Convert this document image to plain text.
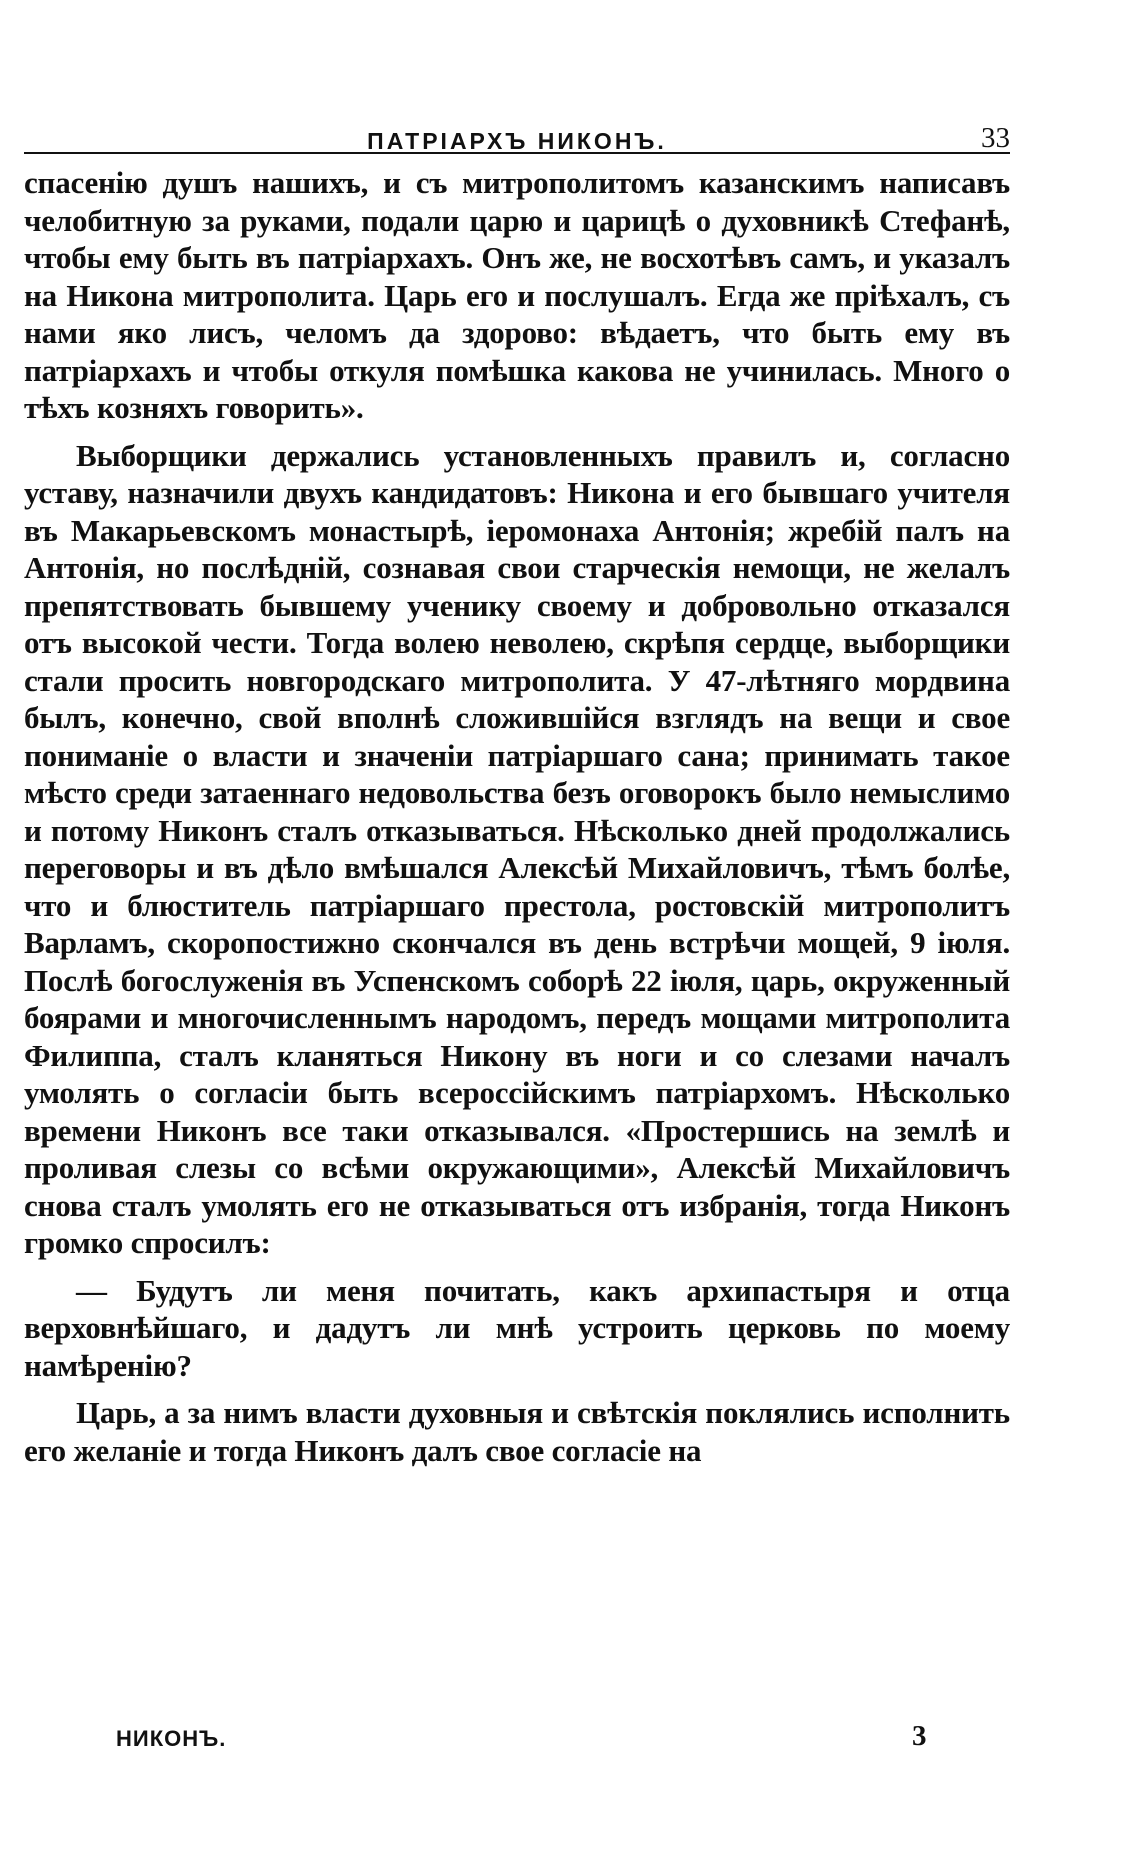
ПАТРІАРХЪ НИКОНЪ.	33

спасенію душъ нашихъ, и съ митрополитомъ казанскимъ написавъ челобитную за руками, подали царю и царицѣ о духовникѣ Стефанѣ, чтобы ему быть въ патріархахъ. Онъ же, не восхотѣвъ самъ, и указалъ на Никона митрополита. Царь его и послушалъ. Егда же пріѣхалъ, съ нами яко лисъ, челомъ да здорово: вѣдаетъ, что быть ему въ патріархахъ и чтобы откуля помѣшка какова не учинилась. Много о тѣхъ козняхъ говорить».

Выборщики держались установленныхъ правилъ и, согласно уставу, назначили двухъ кандидатовъ: Никона и его бывшаго учителя въ Макарьевскомъ монастырѣ, іеромонаха Антонія; жребій палъ на Антонія, но послѣдній, сознавая свои старческія немощи, не желалъ препятствовать бывшему ученику своему и добровольно отказался отъ высокой чести. Тогда волею неволею, скрѣпя сердце, выборщики стали просить новгородскаго митрополита. У 47-лѣтняго мордвина былъ, конечно, свой вполнѣ сложившійся взглядъ на вещи и свое пониманіе о власти и значеніи патріаршаго сана; принимать такое мѣсто среди затаеннаго недовольства безъ оговорокъ было немыслимо и потому Никонъ сталъ отказываться. Нѣсколько дней продолжались переговоры и въ дѣло вмѣшался Алексѣй Михайловичъ, тѣмъ болѣе, что и блюститель патріаршаго престола, ростовскій митрополитъ Варламъ, скоропостижно скончался въ день встрѣчи мощей, 9 іюля. Послѣ богослуженія въ Успенскомъ соборѣ 22 іюля, царь, окруженный боярами и многочисленнымъ народомъ, передъ мощами митрополита Филиппа, сталъ кланяться Никону въ ноги и со слезами началъ умолять о согласіи быть всероссійскимъ патріархомъ. Нѣсколько времени Никонъ все таки отказывался. «Простершись на землѣ и проливая слезы со всѣми окружающими», Алексѣй Михайловичъ снова сталъ умолять его не отказываться отъ избранія, тогда Никонъ громко спросилъ:

— Будутъ ли меня почитать, какъ архипастыря и отца верховнѣйшаго, и дадутъ ли мнѣ устроить церковь по моему намѣренію?

Царь, а за нимъ власти духовныя и свѣтскія поклялись исполнить его желаніе и тогда Никонъ далъ свое согласіе на

НИКОНЪ.	3
